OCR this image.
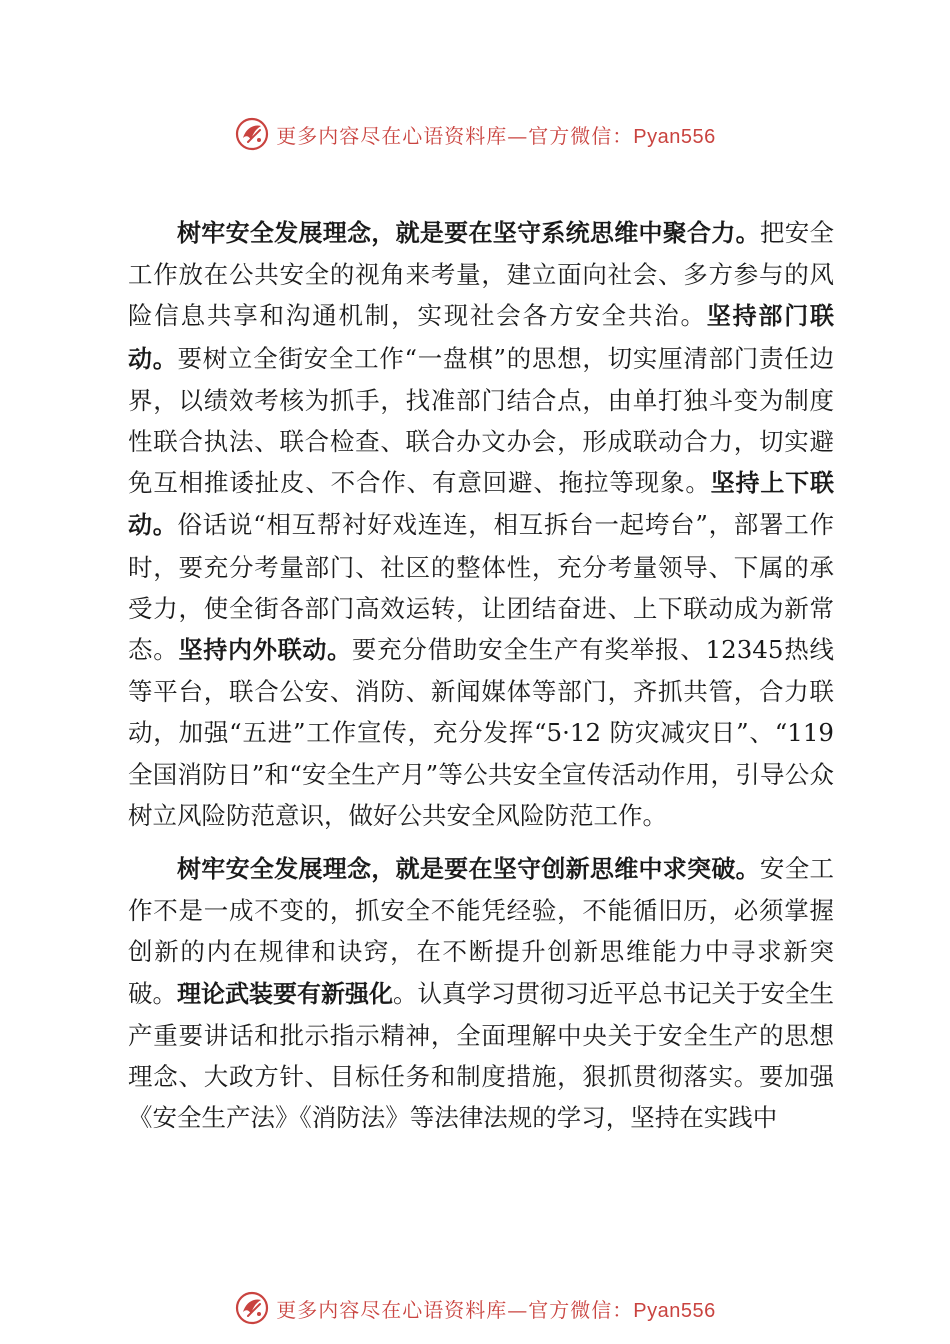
更多内容尽在心语资料库—官方微信：Pyan556

树牢安全发展理念，就是要在坚守系统思维中聚合力。把安全工作放在公共安全的视角来考量，建立面向社会、多方参与的风险信息共享和沟通机制，实现社会各方安全共治。坚持部门联动。要树立全街安全工作“一盘棋”的思想，切实厘清部门责任边界，以绩效考核为抓手，找准部门结合点，由单打独斗变为制度性联合执法、联合检查、联合办文办会，形成联动合力，切实避免互相推诿扯皮、不合作、有意回避、拖拉等现象。坚持上下联动。俗话说“相互帮衬好戏连连，相互拆台一起垮台”，部署工作时，要充分考量部门、社区的整体性，充分考量领导、下属的承受力，使全街各部门高效运转，让团结奋进、上下联动成为新常态。坚持内外联动。要充分借助安全生产有奖举报、12345热线等平台，联合公安、消防、新闻媒体等部门，齐抓共管，合力联动，加强“五进”工作宣传，充分发挥“5·12 防灾减灾日”、“119 全国消防日”和“安全生产月”等公共安全宣传活动作用，引导公众树立风险防范意识，做好公共安全风险防范工作。

树牢安全发展理念，就是要在坚守创新思维中求突破。安全工作不是一成不变的，抓安全不能凭经验，不能循旧历，必须掌握创新的内在规律和诀窍，在不断提升创新思维能力中寻求新突破。理论武装要有新强化。认真学习贯彻习近平总书记关于安全生产重要讲话和批示指示精神，全面理解中央关于安全生产的思想理念、大政方针、目标任务和制度措施，狠抓贯彻落实。要加强《安全生产法》《消防法》等法律法规的学习，坚持在实践中

更多内容尽在心语资料库—官方微信：Pyan556
